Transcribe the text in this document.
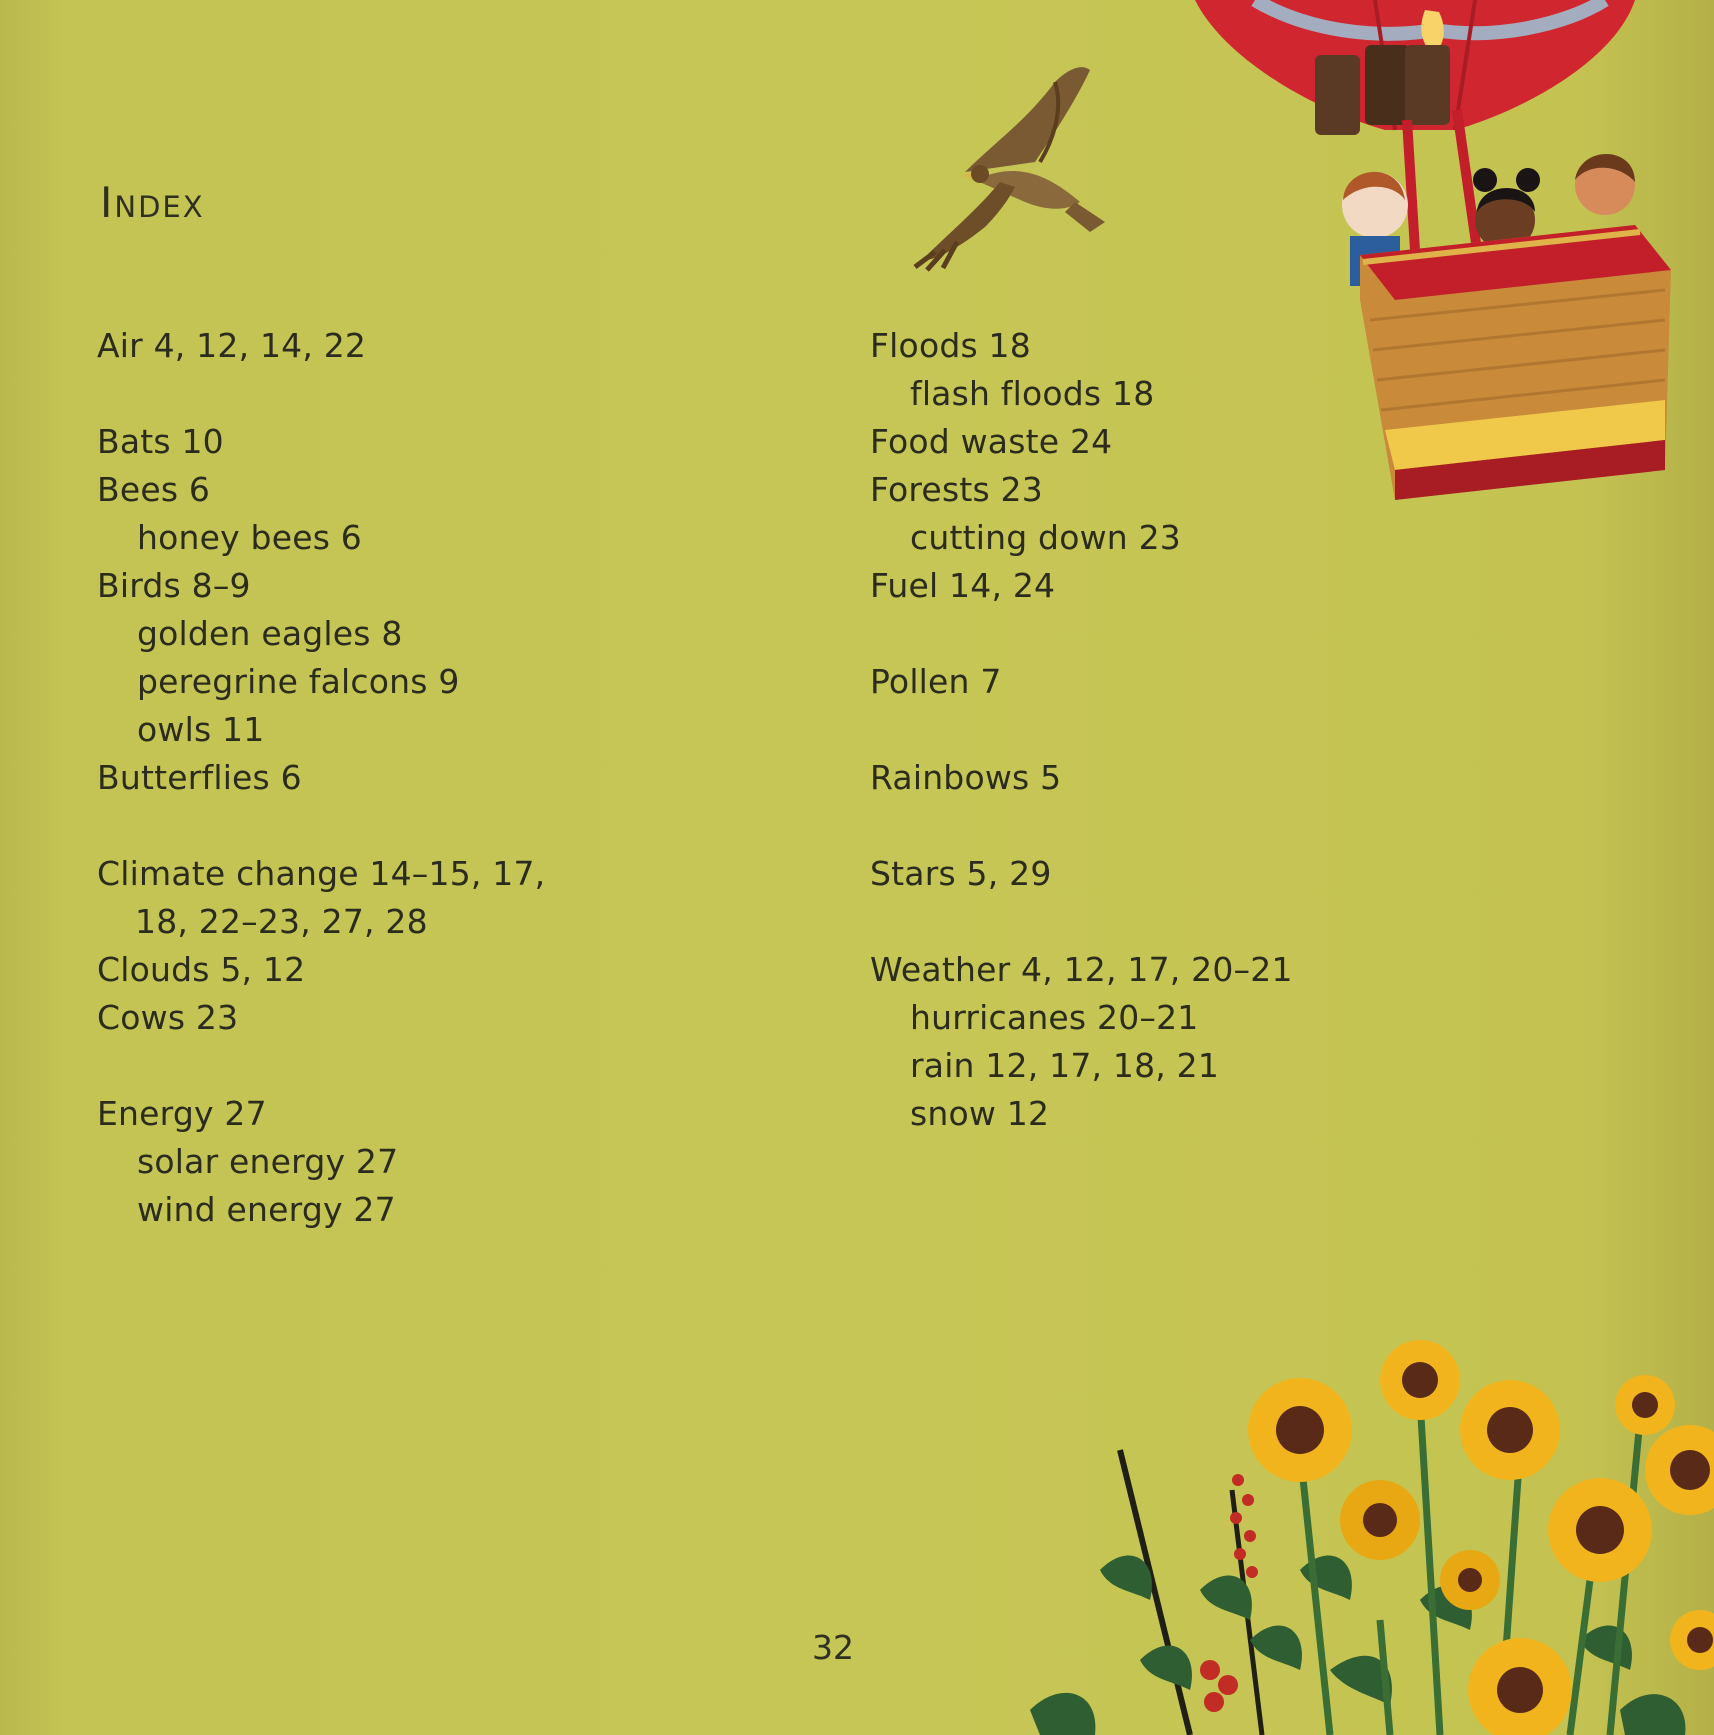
Index
Air 4, 12, 14, 22
Bats 10
Bees 6
honey bees 6
Birds 8–9
golden eagles 8
peregrine falcons 9
owls 11
Butterflies 6
Climate change 14–15, 17,
18, 22–23, 27, 28
Clouds 5, 12
Cows 23
Energy 27
solar energy 27
wind energy 27
Floods 18
flash floods 18
Food waste 24
Forests 23
cutting down 23
Fuel 14, 24
Pollen 7
Rainbows 5
Stars 5, 29
Weather 4, 12, 17, 20–21
hurricanes 20–21
rain 12, 17, 18, 21
snow 12
32
